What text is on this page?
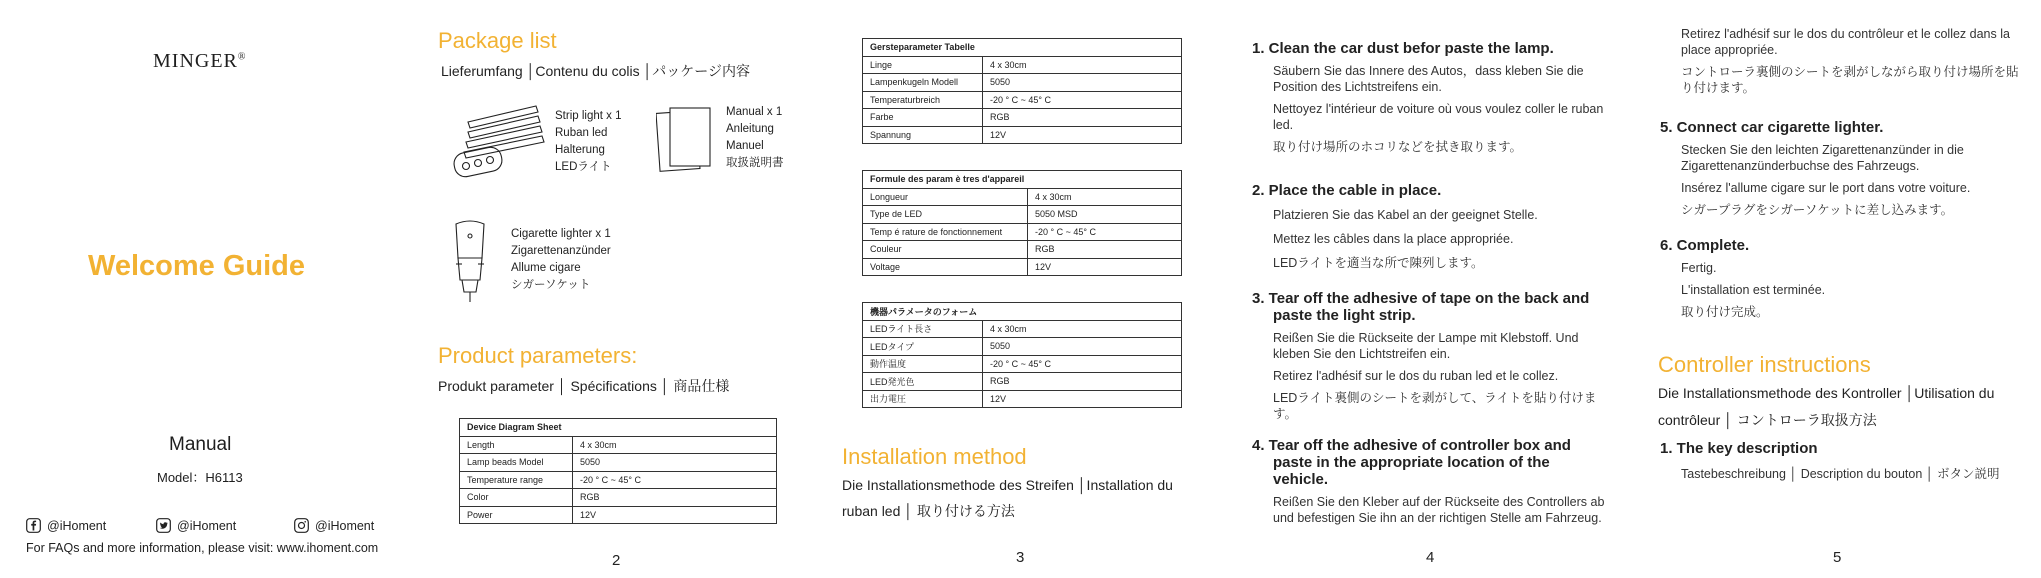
MINGER®
Welcome Guide
Manual
Model：H6113
@iHoment	@iHoment	@iHoment
For FAQs and more information, please visit: www.ihoment.com
Package list
Lieferumfang │Contenu du colis │パッケージ内容
Strip light x 1
Ruban led
Halterung
LEDライト
Manual x 1
Anleitung
Manuel
取扱説明書
Cigarette lighter x 1
Zigarettenanzünder
Allume cigare
シガーソケット
Product parameters:
Produkt parameter │ Spécifications │ 商品仕様
Device Diagram Sheet	
Length	4 x 30cm
Lamp beads Model	5050
Temperature range	-20 ° C ~ 45° C
Color	RGB
Power	12V
2
Gersteparameter Tabelle	
Linge	4 x 30cm
Lampenkugeln Modell	5050
Temperaturbreich	-20 ° C ~ 45° C
Farbe	RGB
Spannung	12V
Formule des param è tres d'appareil	
Longueur	4 x 30cm
Type de LED	5050 MSD
Temp é rature de fonctionnement	-20 ° C ~ 45° C
Couleur	RGB
Voltage	12V
機器パラメータのフォーム	
LEDライト長さ	4 x 30cm
LEDタイプ	5050
動作温度	-20 ° C ~ 45° C
LED発光色	RGB
出力電圧	12V
Installation method
Die Installationsmethode des Streifen │Installation du
ruban led │ 取り付ける方法
3
1. Clean the car dust befor paste the lamp.
Säubern Sie das Innere des Autos，dass kleben Sie die Position des Lichtstreifens ein.
Nettoyez l'intérieur de voiture où vous voulez coller le ruban led.
取り付け場所のホコリなどを拭き取ります。
2. Place the cable in place.
Platzieren Sie das Kabel an der geeignet Stelle.
Mettez les câbles dans la place appropriée.
LEDライトを適当な所で陳列します。
3. Tear off the adhesive of tape on the back and paste the light strip.
Reißen Sie die Rückseite der Lampe mit Klebstoff. Und kleben Sie den Lichtstreifen ein.
Retirez l'adhésif sur le dos du ruban led et le collez.
LEDライト裏側のシートを剥がして、ライトを貼り付けます。
4. Tear off the adhesive of controller box and paste in the appropriate location of the vehicle.
Reißen Sie den Kleber auf der Rückseite des Controllers ab und befestigen Sie ihn an der richtigen Stelle am Fahrzeug.
4
Retirez l'adhésif sur le dos du contrôleur et le collez dans la place appropriée.
コントローラ裏側のシートを剥がしながら取り付け場所を貼り付けます。
5. Connect car cigarette lighter.
Stecken Sie den leichten Zigarettenanzünder in die Zigarettenanzünderbuchse des Fahrzeugs.
Insérez l'allume cigare sur le port dans votre voiture.
シガープラグをシガーソケットに差し込みます。
6. Complete.
Fertig.
L'installation est terminée.
取り付け完成。
Controller instructions
Die Installationsmethode des Kontroller │Utilisation du
contrôleur │ コントローラ取扱方法
1. The key description
Tastebeschreibung │ Description du bouton │ ボタン説明
5
